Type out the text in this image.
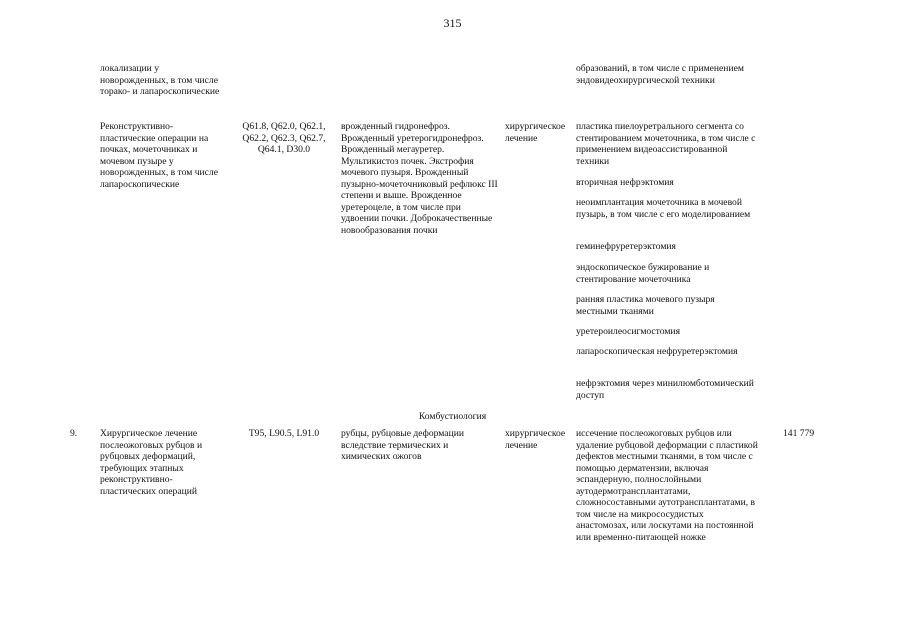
315
локализации у новорожденных, в том числе торако- и лапароскопические
образований, в том числе с применением эндовидеохирургической техники
Реконструктивно-пластические операции на почках, мочеточниках и мочевом пузыре у новорожденных, в том числе лапароскопические
Q61.8, Q62.0, Q62.1, Q62.2, Q62.3, Q62.7, Q64.1, D30.0
врожденный гидронефроз. Врожденный уретерогидронефроз. Врожденный мегауретер. Мультикистоз почек. Экстрофия мочевого пузыря. Врожденный пузырно-мочеточниковый рефлюкс III степени и выше. Врожденное уретероцеле, в том числе при удвоении почки. Доброкачественные новообразования почки
хирургическое лечение
пластика пиелоуретрального сегмента со стентированием мочеточника, в том числе с применением видеоассистированной техники
вторичная нефрэктомия
неоимплантация мочеточника в мочевой пузырь, в том числе с его моделированием
геминефруретерэктомия
эндоскопическое бужирование и стентирование мочеточника
ранняя пластика мочевого пузыря местными тканями
уретероилеосигмостомия
лапароскопическая нефруретерэктомия
нефрэктомия через минилюмботомический доступ
Комбустиология
9.	Хирургическое лечение послеожоговых рубцов и рубцовых деформаций, требующих этапных реконструктивно-пластических операций
T95, L90.5, L91.0	рубцы, рубцовые деформации вследствие термических и химических ожогов
хирургическое лечение
иссечение послеожоговых рубцов или удаление рубцовой деформации с пластикой дефектов местными тканями, в том числе с помощью дерматензии, включая эспандерную, полнослойными аутодермотрансплантатами, сложносоставными аутотрансплантатами, в том числе на микрососудистых анастомозах, или лоскутами на постоянной или временно-питающей ножке
141 779
